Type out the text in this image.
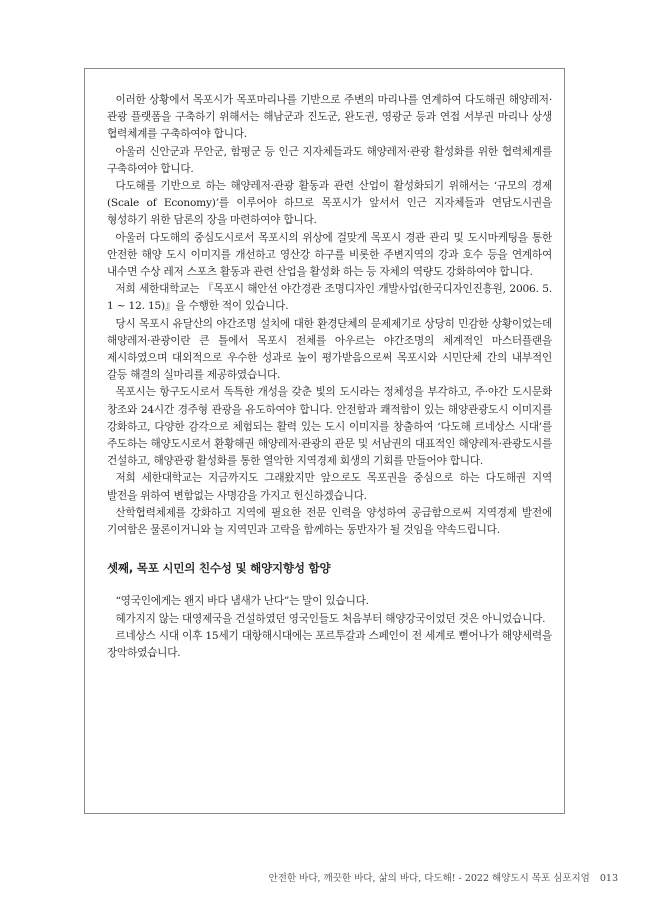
이러한 상황에서 목포시가 목포마리나를 기반으로 주변의 마리나를 연계하여 다도해권 해양레저·관광 플랫폼을 구축하기 위해서는 해남군과 진도군, 완도권, 영광군 등과 연접 서부권 마리나 상생 협력체계를 구축하여야 합니다.

아울러 신안군과 무안군, 함평군 등 인근 지자체들과도 해양레저·관광 활성화를 위한 협력체계를 구축하여야 합니다.

다도해를 기반으로 하는 해양레저·관광 활동과 관련 산업이 활성화되기 위해서는 ‘규모의 경제(Scale of Economy)’를 이루어야 하므로 목포시가 앞서서 인근 지자체들과 연담도시권을 형성하기 위한 담론의 장을 마련하여야 합니다.

아울러 다도해의 중심도시로서 목포시의 위상에 걸맞게 목포시 경관 관리 및 도시마케팅을 통한 안전한 해양 도시 이미지를 개선하고 영산강 하구를 비롯한 주변지역의 강과 호수 등을 연계하여 내수면 수상 레저 스포츠 활동과 관련 산업을 활성화 하는 등 자체의 역량도 강화하여야 합니다.

저희 세한대학교는 『목포시 해안선 야간경관 조명디자인 개발사업(한국디자인진흥원, 2006. 5. 1 ~ 12. 15)』을 수행한 적이 있습니다.

당시 목포시 유달산의 야간조명 설치에 대한 환경단체의 문제제기로 상당히 민감한 상황이었는데 해양레저·관광이란 큰 틀에서 목포시 전체를 아우르는 야간조명의 체계적인 마스터플랜을 제시하였으며 대외적으로 우수한 성과로 높이 평가받음으로써 목포시와 시민단체 간의 내부적인 갈등 해결의 실마리를 제공하였습니다.

목포시는 항구도시로서 독특한 개성을 갖춘 빛의 도시라는 정체성을 부각하고, 주·야간 도시문화 창조와 24시간 경주형 관광을 유도하여야 합니다. 안전함과 쾌적함이 있는 해양관광도시 이미지를 강화하고, 다양한 감각으로 체험되는 활력 있는 도시 이미지를 창출하여 ‘다도해 르네상스 시대’를 주도하는 해양도시로서 환황해권 해양레저·관광의 관문 및 서남권의 대표적인 해양레저·관광도시를 건설하고, 해양관광 활성화를 통한 열악한 지역경제 회생의 기회를 만들어야 합니다.

저희 세한대학교는 지금까지도 그래왔지만 앞으로도 목포권을 중심으로 하는 다도해권 지역 발전을 위하여 변함없는 사명감을 가지고 헌신하겠습니다.

산학협력체제를 강화하고 지역에 필요한 전문 인력을 양성하여 공급함으로써 지역경제 발전에 기여함은 물론이거니와 늘 지역민과 고락을 함께하는 동반자가 될 것임을 약속드립니다.

셋째, 목포 시민의 친수성 및 해양지향성 함양

“영국인에게는 왠지 바다 냄새가 난다”는 말이 있습니다.

헤가지지 않는 대영제국을 건설하였던 영국인들도 처음부터 해양강국이었던 것은 아니었습니다.

르네상스 시대 이후 15세기 대항해시대에는 포르투갈과 스페인이 전 세계로 뻗어나가 해양세력을 장악하였습니다.

안전한 바다, 깨끗한 바다, 삶의 바다, 다도해! - 2022 해양도시 목포 심포지엄 013
